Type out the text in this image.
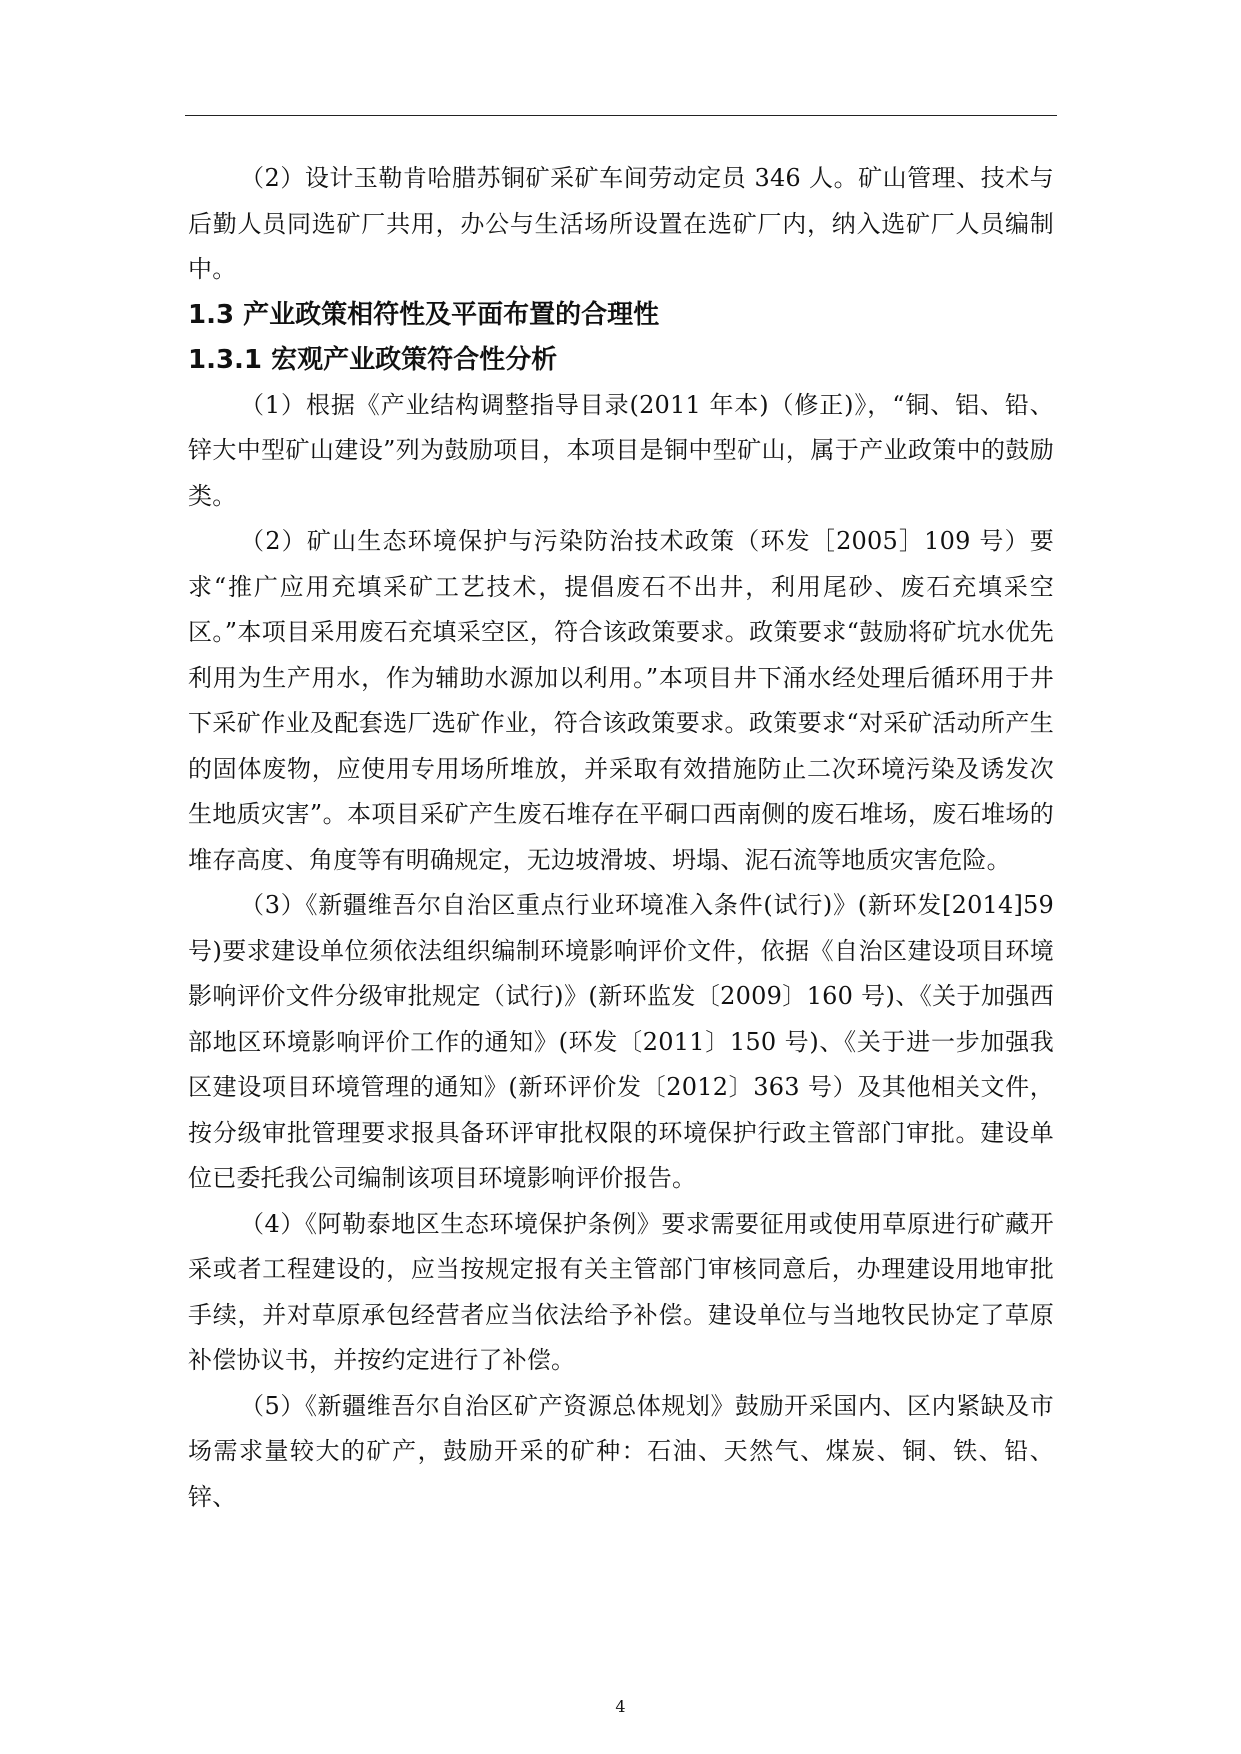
（2）设计玉勒肯哈腊苏铜矿采矿车间劳动定员 346 人。矿山管理、技术与后勤人员同选矿厂共用，办公与生活场所设置在选矿厂内，纳入选矿厂人员编制中。

1.3 产业政策相符性及平面布置的合理性
1.3.1 宏观产业政策符合性分析

（1）根据《产业结构调整指导目录(2011 年本)（修正)》，“铜、铝、铅、锌大中型矿山建设”列为鼓励项目，本项目是铜中型矿山，属于产业政策中的鼓励类。

（2）矿山生态环境保护与污染防治技术政策（环发［2005］109 号）要求“推广应用充填采矿工艺技术，提倡废石不出井，利用尾砂、废石充填采空区。”本项目采用废石充填采空区，符合该政策要求。政策要求“鼓励将矿坑水优先利用为生产用水，作为辅助水源加以利用。”本项目井下涌水经处理后循环用于井下采矿作业及配套选厂选矿作业，符合该政策要求。政策要求“对采矿活动所产生的固体废物，应使用专用场所堆放，并采取有效措施防止二次环境污染及诱发次生地质灾害”。本项目采矿产生废石堆存在平硐口西南侧的废石堆场，废石堆场的堆存高度、角度等有明确规定，无边坡滑坡、坍塌、泥石流等地质灾害危险。

（3）《新疆维吾尔自治区重点行业环境准入条件(试行)》(新环发[2014]59 号)要求建设单位须依法组织编制环境影响评价文件，依据《自治区建设项目环境影响评价文件分级审批规定（试行)》(新环监发〔2009〕160 号)、《关于加强西部地区环境影响评价工作的通知》(环发〔2011〕150 号)、《关于进一步加强我区建设项目环境管理的通知》(新环评价发〔2012〕363 号）及其他相关文件，按分级审批管理要求报具备环评审批权限的环境保护行政主管部门审批。建设单位已委托我公司编制该项目环境影响评价报告。

（4）《阿勒泰地区生态环境保护条例》要求需要征用或使用草原进行矿藏开采或者工程建设的，应当按规定报有关主管部门审核同意后，办理建设用地审批手续，并对草原承包经营者应当依法给予补偿。建设单位与当地牧民协定了草原补偿协议书，并按约定进行了补偿。

（5）《新疆维吾尔自治区矿产资源总体规划》鼓励开采国内、区内紧缺及市场需求量较大的矿产，鼓励开采的矿种：石油、天然气、煤炭、铜、铁、铅、锌、

4
